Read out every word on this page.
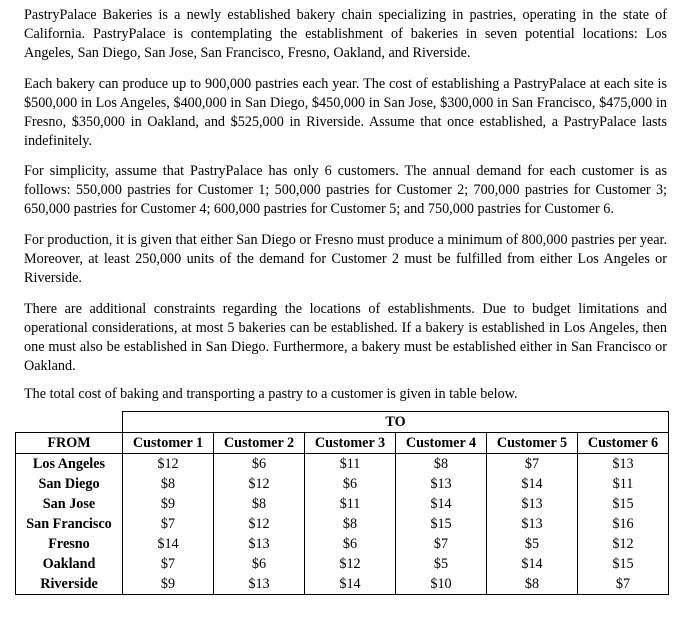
PastryPalace Bakeries is a newly established bakery chain specializing in pastries, operating in the state of California. PastryPalace is contemplating the establishment of bakeries in seven potential locations: Los Angeles, San Diego, San Jose, San Francisco, Fresno, Oakland, and Riverside.

Each bakery can produce up to 900,000 pastries each year. The cost of establishing a PastryPalace at each site is $500,000 in Los Angeles, $400,000 in San Diego, $450,000 in San Jose, $300,000 in San Francisco, $475,000 in Fresno, $350,000 in Oakland, and $525,000 in Riverside. Assume that once established, a PastryPalace lasts indefinitely.

For simplicity, assume that PastryPalace has only 6 customers. The annual demand for each customer is as follows: 550,000 pastries for Customer 1; 500,000 pastries for Customer 2; 700,000 pastries for Customer 3; 650,000 pastries for Customer 4; 600,000 pastries for Customer 5; and 750,000 pastries for Customer 6.

For production, it is given that either San Diego or Fresno must produce a minimum of 800,000 pastries per year. Moreover, at least 250,000 units of the demand for Customer 2 must be fulfilled from either Los Angeles or Riverside.

There are additional constraints regarding the locations of establishments. Due to budget limitations and operational considerations, at most 5 bakeries can be established. If a bakery is established in Los Angeles, then one must also be established in San Diego. Furthermore, a bakery must be established either in San Francisco or Oakland.

The total cost of baking and transporting a pastry to a customer is given in table below.

	TO					
FROM	Customer 1	Customer 2	Customer 3	Customer 4	Customer 5	Customer 6
Los Angeles	$12	$6	$11	$8	$7	$13
San Diego	$8	$12	$6	$13	$14	$11
San Jose	$9	$8	$11	$14	$13	$15
San Francisco	$7	$12	$8	$15	$13	$16
Fresno	$14	$13	$6	$7	$5	$12
Oakland	$7	$6	$12	$5	$14	$15
Riverside	$9	$13	$14	$10	$8	$7
